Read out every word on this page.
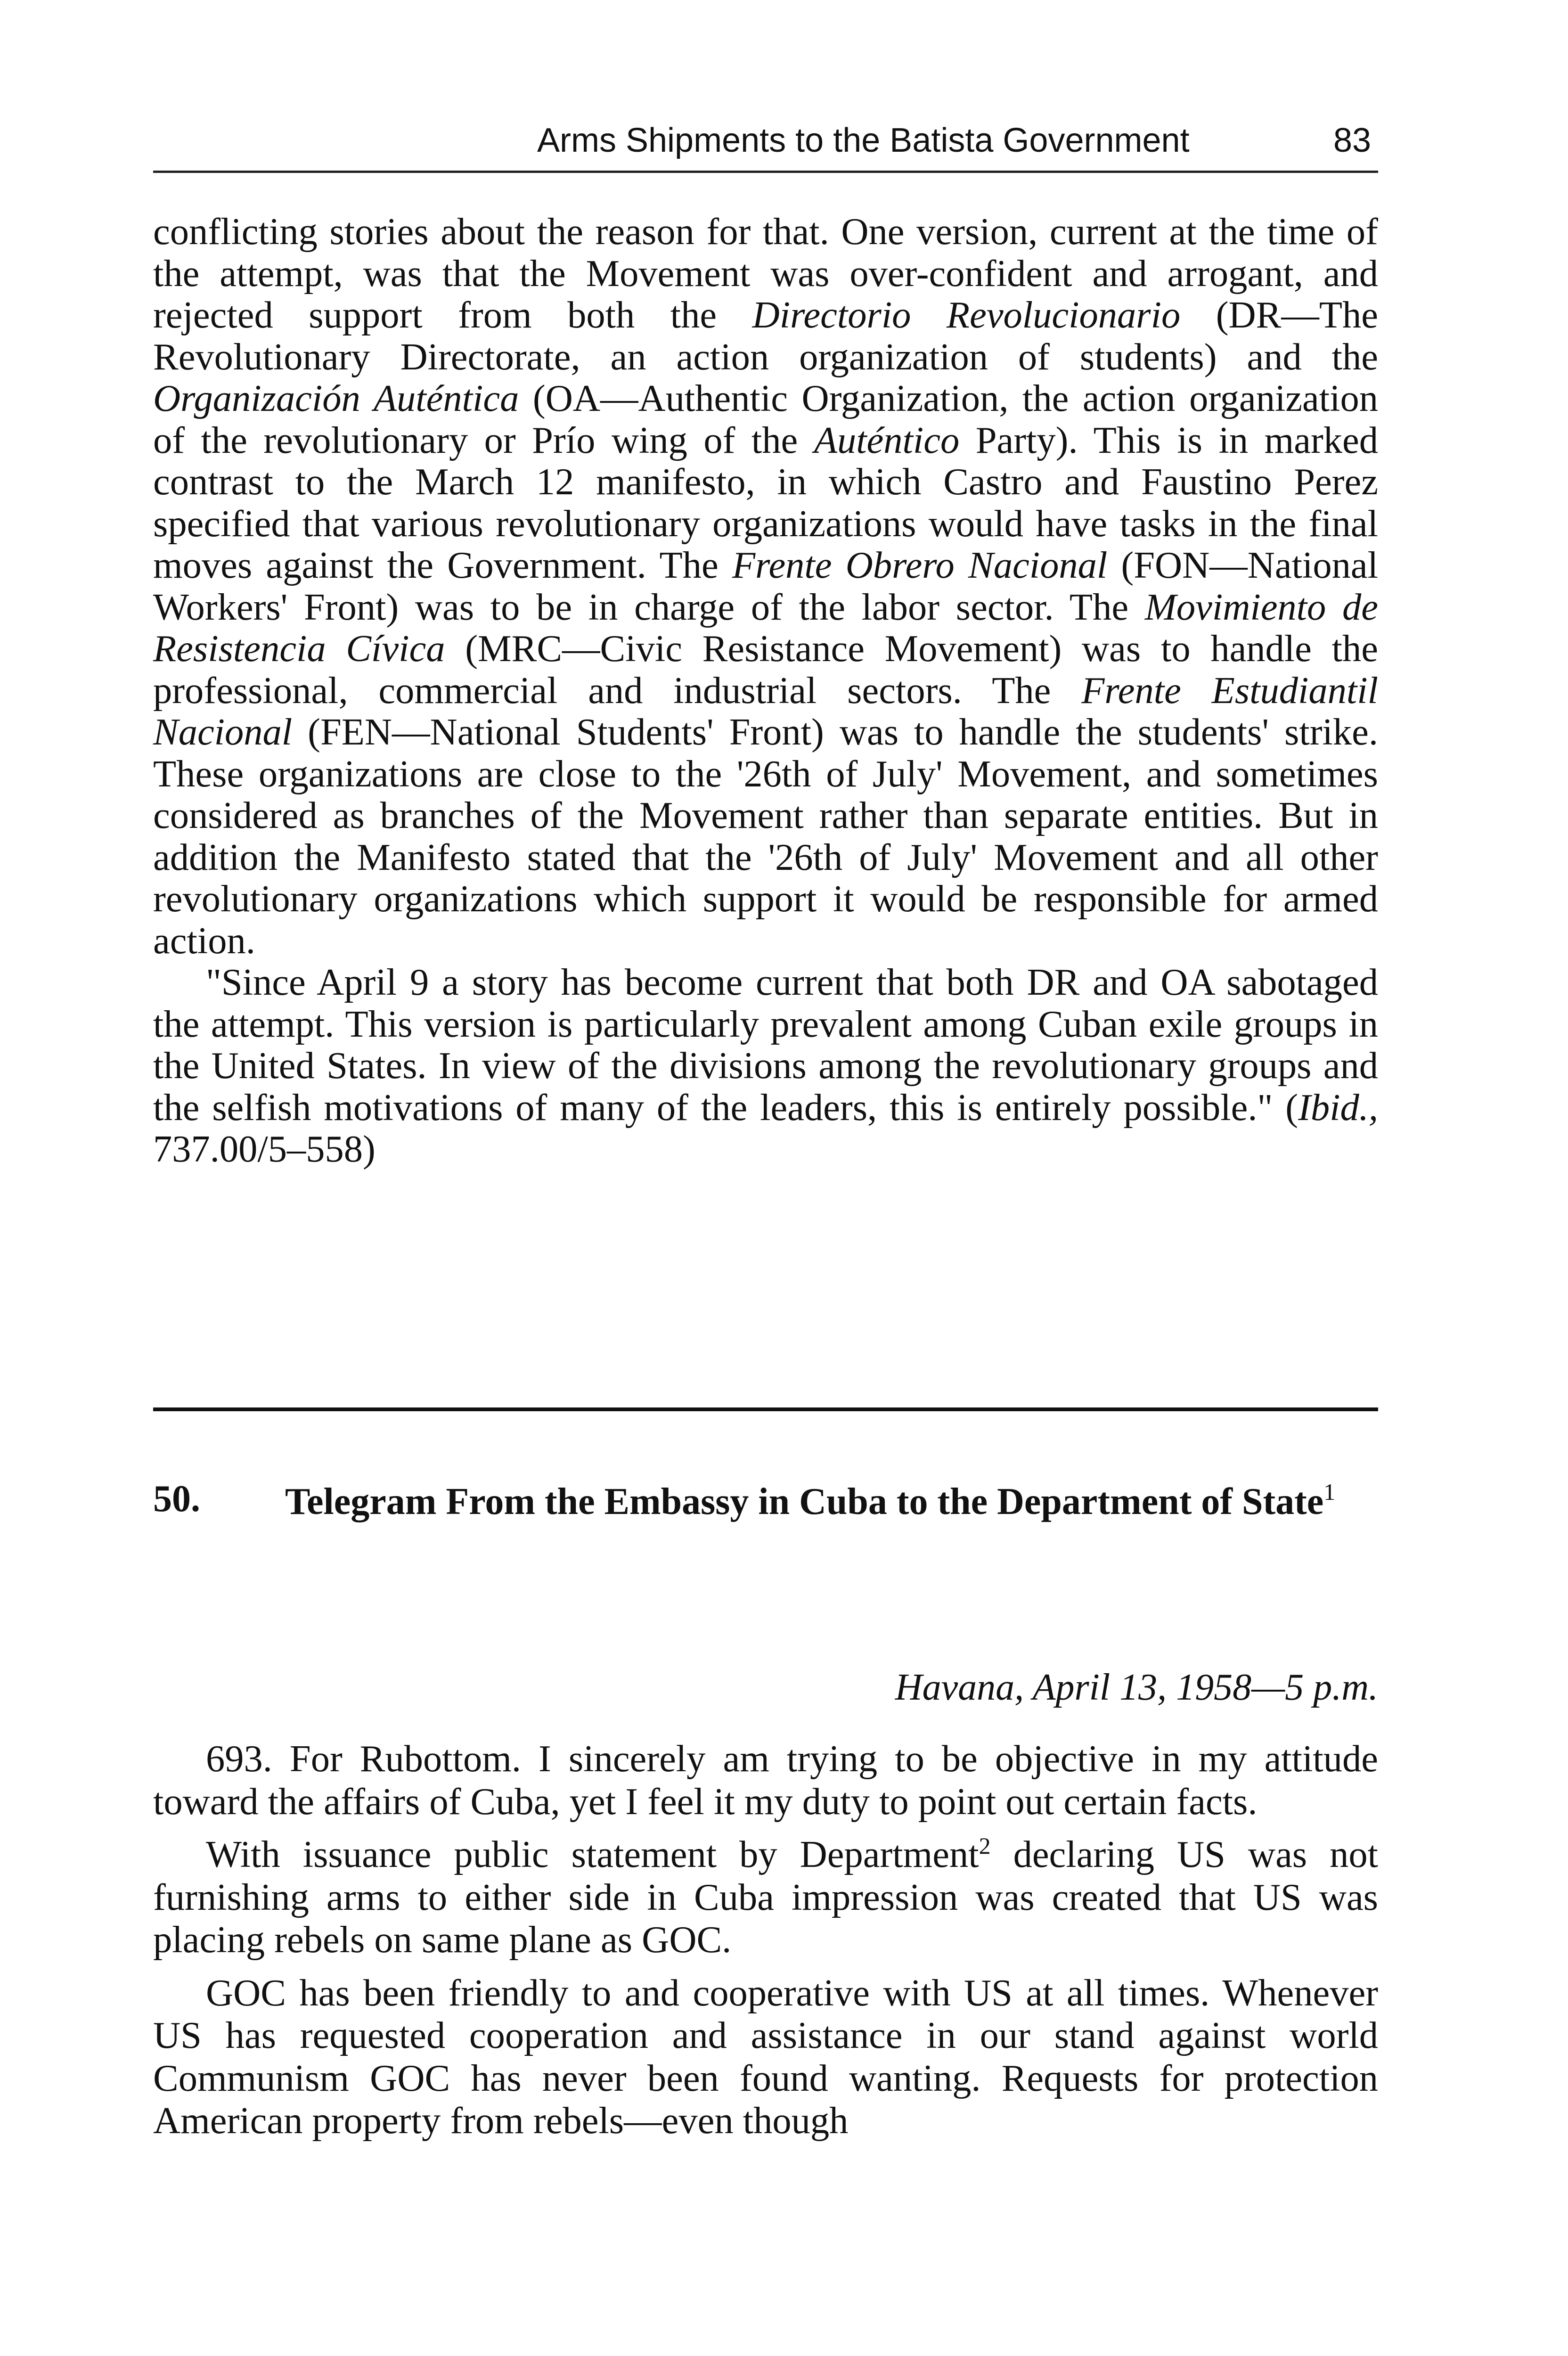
Arms Shipments to the Batista Government	83

conflicting stories about the reason for that. One version, current at the time of the attempt, was that the Movement was over-confident and arrogant, and rejected support from both the Directorio Revolucionario (DR—The Revolutionary Directorate, an action organization of students) and the Organización Auténtica (OA—Authentic Organization, the action organization of the revolutionary or Prío wing of the Auténtico Party). This is in marked contrast to the March 12 manifesto, in which Castro and Faustino Perez specified that various revolutionary organizations would have tasks in the final moves against the Government. The Frente Obrero Nacional (FON—National Workers' Front) was to be in charge of the labor sector. The Movimiento de Resistencia Cívica (MRC—Civic Resistance Movement) was to handle the professional, commercial and industrial sectors. The Frente Estudiantil Nacional (FEN—National Students' Front) was to handle the students' strike. These organizations are close to the '26th of July' Movement, and sometimes considered as branches of the Movement rather than separate entities. But in addition the Manifesto stated that the '26th of July' Movement and all other revolutionary organizations which support it would be responsible for armed action.

"Since April 9 a story has become current that both DR and OA sabotaged the attempt. This version is particularly prevalent among Cuban exile groups in the United States. In view of the divisions among the revolutionary groups and the selfish motivations of many of the leaders, this is entirely possible." (Ibid., 737.00/5–558)

50. Telegram From the Embassy in Cuba to the Department of State$^1$
Havana, April 13, 1958—5 p.m.

693. For Rubottom. I sincerely am trying to be objective in my attitude toward the affairs of Cuba, yet I feel it my duty to point out certain facts.

With issuance public statement by Department$^2$ declaring US was not furnishing arms to either side in Cuba impression was created that US was placing rebels on same plane as GOC.

GOC has been friendly to and cooperative with US at all times. Whenever US has requested cooperation and assistance in our stand against world Communism GOC has never been found wanting. Requests for protection American property from rebels—even though
